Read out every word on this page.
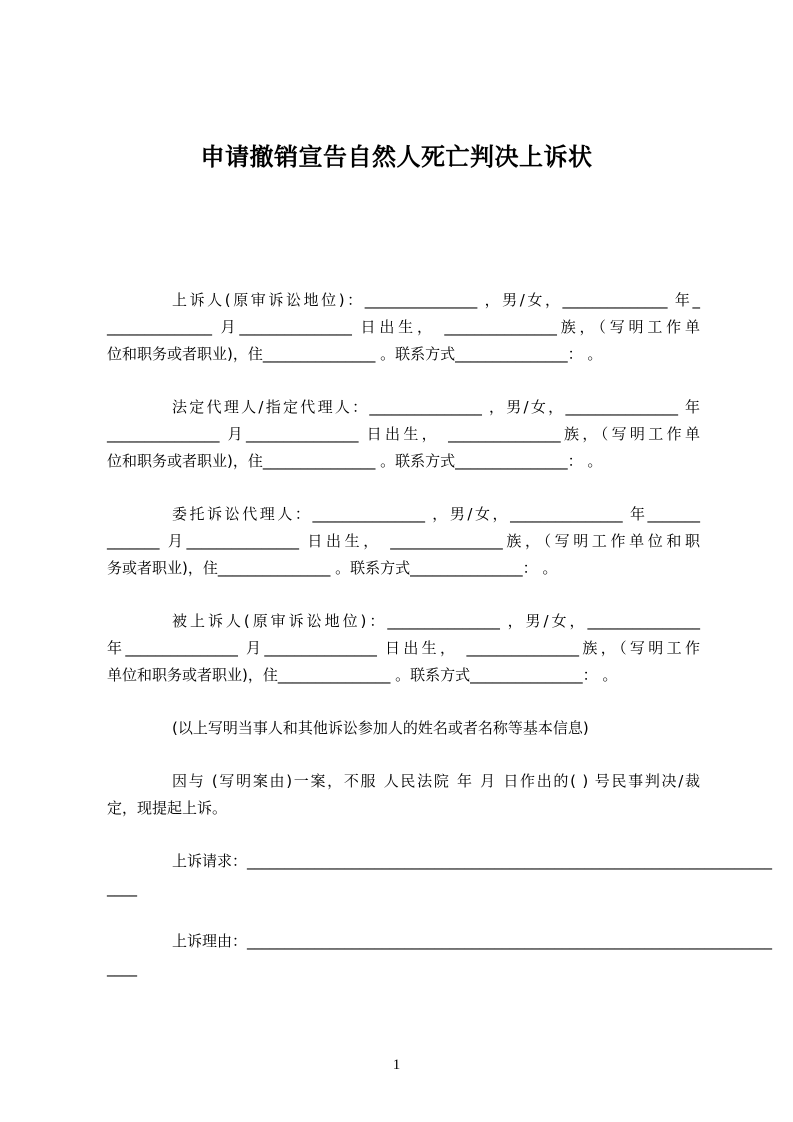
申请撤销宣告自然人死亡判决上诉状
上诉人(原审诉讼地位)：_______________ ，男/女，______________ 年_
______________ 月_______________ 日出生， _______________族，（写明工作单
位和职务或者职业)，住_______________ 。联系方式_______________： 。
法定代理人/指定代理人：_______________ ，男/女，_______________ 年
_______________ 月_______________ 日出生， _______________族，（写明工作单
位和职务或者职业)，住_______________ 。联系方式_______________： 。
委托诉讼代理人：_______________ ，男/女，_______________ 年_______
_______ 月_______________ 日出生， _______________族，（写明工作单位和职
务或者职业)，住_______________ 。联系方式_______________： 。
被上诉人(原审诉讼地位)：_______________ ，男/女，_______________
年_______________ 月_______________ 日出生， _______________族，（写明工作
单位和职务或者职业)，住_______________ 。联系方式_______________： 。
(以上写明当事人和其他诉讼参加人的姓名或者名称等基本信息)
因与 (写明案由)一案，不服 人民法院 年 月 日作出的( ) 号民事判决/裁
定，现提起上诉。
上诉请求： ______________________________________________________________________
____
上诉理由： ______________________________________________________________________
____
1
